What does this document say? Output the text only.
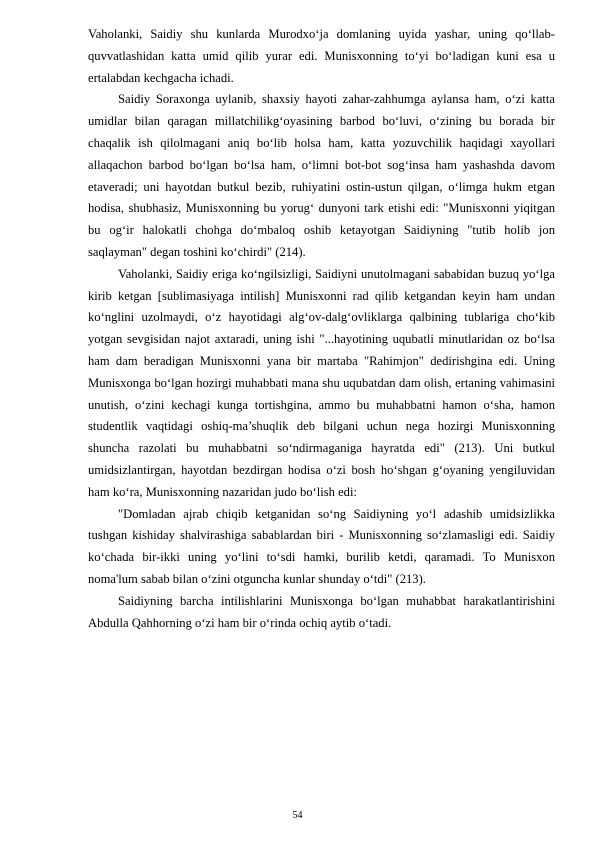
Vaholanki, Saidiy shu kunlarda Murodxo‘ja domlaning uyida yashar, uning qo‘llab-quvvatlashidan katta umid qilib yurar edi. Munisxonning to‘yi bo‘ladigan kuni esa u ertalabdan kechgacha ichadi.

Saidiy Soraxonga uylanib, shaxsiy hayoti zahar-zahhumga aylansa ham, o‘zi katta umidlar bilan qaragan millatchilikg‘oyasining barbod bo‘luvi, o‘zining bu borada bir chaqalik ish qilolmagani aniq bo‘lib holsa ham, katta yozuvchilik haqidagi xayollari allaqachon barbod bo‘lgan bo‘lsa ham, o‘limni bot-bot sog‘insa ham yashashda davom etaveradi; uni hayotdan butkul bezib, ruhiyatini ostin-ustun qilgan, o‘limga hukm etgan hodisa, shubhasiz, Munisxonning bu yorug‘ dunyoni tark etishi edi: "Munisxonni yiqitgan bu og‘ir halokatli chohga do‘mbaloq oshib ketayotgan Saidiyning "tutib holib jon saqlayman" degan toshini ko‘chirdi" (214).

Vaholanki, Saidiy eriga ko‘ngilsizligi, Saidiyni unutolmagani sababidan buzuq yo‘lga kirib ketgan [sublimasiyaga intilish] Munisxonni rad qilib ketgandan keyin ham undan ko‘nglini uzolmaydi, o‘z hayotidagi alg‘ov-dalg‘ovliklarga qalbining tublariga cho‘kib yotgan sevgisidan najot axtaradi, uning ishi "...hayotining uqubatli minutlaridan oz bo‘lsa ham dam beradigan Munisxonni yana bir martaba "Rahimjon" dedirishgina edi. Uning Munisxonga bo‘lgan hozirgi muhabbati mana shu uqubatdan dam olish, ertaning vahimasini unutish, o‘zini kechagi kunga tortishgina, ammo bu muhabbatni hamon o‘sha, hamon studentlik vaqtidagi oshiq-ma’shuqlik deb bilgani uchun nega hozirgi Munisxonning shuncha razolati bu muhabbatni so‘ndirmaganiga hayratda edi" (213). Uni butkul umidsizlantirgan, hayotdan bezdirgan hodisa o‘zi bosh ho‘shgan g‘oyaning yengiluvidan ham ko‘ra, Munisxonning nazaridan judo bo‘lish edi:

"Domladan ajrab chiqib ketganidan so‘ng Saidiyning yo‘l adashib umidsizlikka tushgan kishiday shalvirashiga sabablardan biri - Munisxonning so‘zlamasligi edi. Saidiy ko‘chada bir-ikki uning yo‘lini to‘sdi hamki, burilib ketdi, qaramadi. To Munisxon noma'lum sabab bilan o‘zini otguncha kunlar shunday o‘tdi" (213).

Saidiyning barcha intilishlarini Munisxonga bo‘lgan muhabbat harakatlantirishini Abdulla Qahhorning o‘zi ham bir o‘rinda ochiq aytib o‘tadi.

54
